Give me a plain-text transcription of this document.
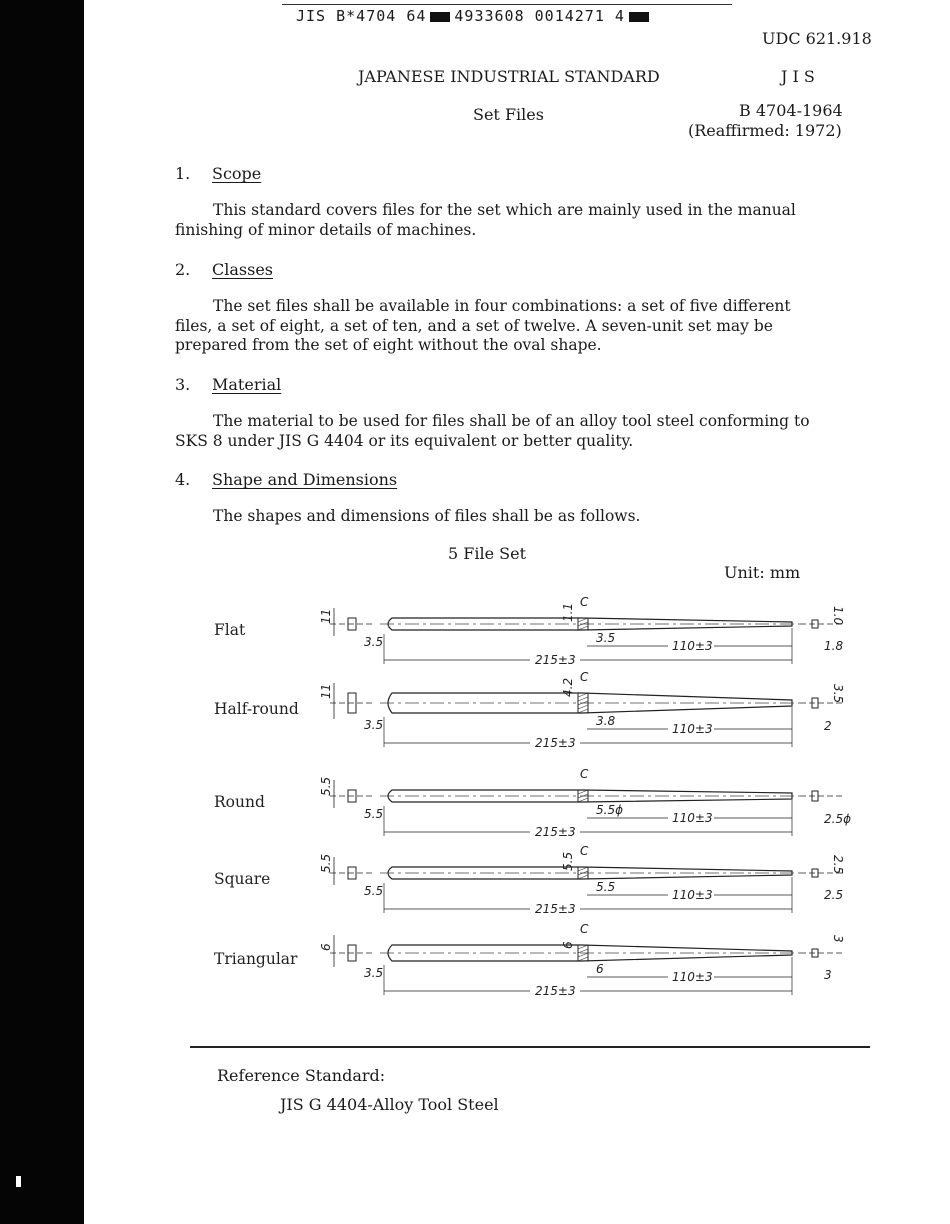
JIS B*4704 64 4933608 0014271 4
UDC 621.918
JAPANESE INDUSTRIAL STANDARD	J I S
Set Files	B 4704-1964
(Reaffirmed: 1972)
1. Scope
This standard covers files for the set which are mainly used in the manual
finishing of minor details of machines.
2. Classes
The set files shall be available in four combinations: a set of five different
files, a set of eight, a set of ten, and a set of twelve. A seven-unit set may be
prepared from the set of eight without the oval shape.
3. Material
The material to be used for files shall be of an alloy tool steel conforming to
SKS 8 under JIS G 4404 or its equivalent or better quality.
4. Shape and Dimensions
The shapes and dimensions of files shall be as follows.
5 File Set
Unit: mm
Flat
C
215±3
110±3
11
3.5
1.1
3.5
1.0
1.8
Half-round
C
215±3
110±3
11
3.5
4.2
3.8
3.5
2
Round
C
215±3
110±3
5.5
5.5	5.5ϕ
2.5ϕ
Square
C
215±3
110±3
5.5
5.5
5.5
5.5
2.5
2.5
Triangular
C
215±3
110±3
6
3.5
6
6
3
3
Reference Standard:
JIS G 4404-Alloy Tool Steel
